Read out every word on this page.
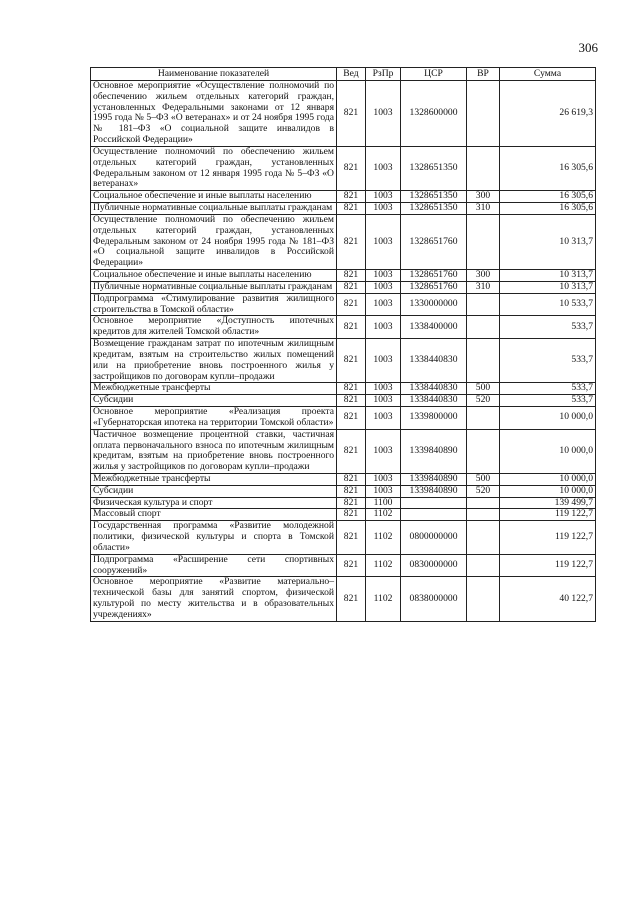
306
Наименование показателей	Вед	РзПр	ЦСР	ВР	Сумма
Основное мероприятие «Осуществление полномочий по обеспечению жильем отдельных категорий граждан, установленных Федеральными законами от 12 января 1995 года № 5–ФЗ «О ветеранах» и от 24 ноября 1995 года № 181–ФЗ «О социальной защите инвалидов в Российской Федерации»	821	1003	1328600000		26 619,3
Осуществление полномочий по обеспечению жильем отдельных категорий граждан, установленных Федеральным законом от 12 января 1995 года № 5–ФЗ «О ветеранах»	821	1003	1328651350		16 305,6
Социальное обеспечение и иные выплаты населению	821	1003	1328651350	300	16 305,6
Публичные нормативные социальные выплаты гражданам	821	1003	1328651350	310	16 305,6
Осуществление полномочий по обеспечению жильем отдельных категорий граждан, установленных Федеральным законом от 24 ноября 1995 года № 181–ФЗ «О социальной защите инвалидов в Российской Федерации»	821	1003	1328651760		10 313,7
Социальное обеспечение и иные выплаты населению	821	1003	1328651760	300	10 313,7
Публичные нормативные социальные выплаты гражданам	821	1003	1328651760	310	10 313,7
Подпрограмма «Стимулирование развития жилищного строительства в Томской области»	821	1003	1330000000		10 533,7
Основное мероприятие «Доступность ипотечных кредитов для жителей Томской области»	821	1003	1338400000		533,7
Возмещение гражданам затрат по ипотечным жилищным кредитам, взятым на строительство жилых помещений или на приобретение вновь построенного жилья у застройщиков по договорам купли–продажи	821	1003	1338440830		533,7
Межбюджетные трансферты	821	1003	1338440830	500	533,7
Субсидии	821	1003	1338440830	520	533,7
Основное мероприятие «Реализация проекта «Губернаторская ипотека на территории Томской области»	821	1003	1339800000		10 000,0
Частичное возмещение процентной ставки, частичная оплата первоначального взноса по ипотечным жилищным кредитам, взятым на приобретение вновь построенного жилья у застройщиков по договорам купли–продажи	821	1003	1339840890		10 000,0
Межбюджетные трансферты	821	1003	1339840890	500	10 000,0
Субсидии	821	1003	1339840890	520	10 000,0
Физическая культура и спорт	821	1100			139 499,7
Массовый спорт	821	1102			119 122,7
Государственная программа «Развитие молодежной политики, физической культуры и спорта в Томской области»	821	1102	0800000000		119 122,7
Подпрограмма «Расширение сети спортивных сооружений»	821	1102	0830000000		119 122,7
Основное мероприятие «Развитие материально–технической базы для занятий спортом, физической культурой по месту жительства и в образовательных учреждениях»	821	1102	0838000000		40 122,7
